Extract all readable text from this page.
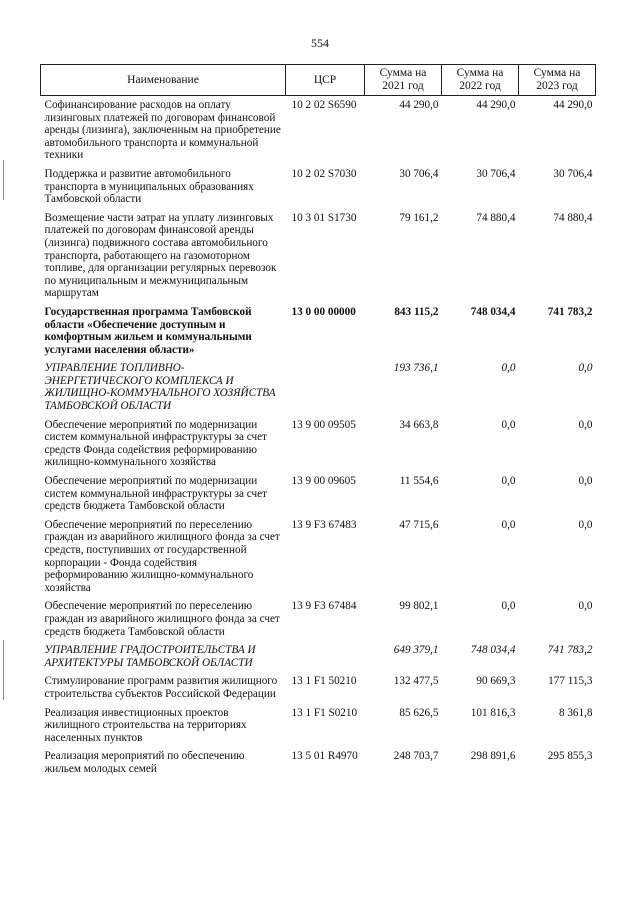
554
Наименование	ЦСР	Сумма на 2021 год	Сумма на 2022 год	Сумма на 2023 год
Софинансирование расходов на оплату лизинговых платежей по договорам финансовой аренды (лизинга), заключенным на приобретение автомобильного транспорта и коммунальной техники	10 2 02 S6590	44 290,0	44 290,0	44 290,0
Поддержка и развитие автомобильного транспорта в муниципальных образованиях Тамбовской области	10 2 02 S7030	30 706,4	30 706,4	30 706,4
Возмещение части затрат на уплату лизинговых платежей по договорам финансовой аренды (лизинга) подвижного состава автомобильного транспорта, работающего на газомоторном топливе, для организации регулярных перевозок по муниципальным и межмуниципальным маршрутам	10 3 01 S1730	79 161,2	74 880,4	74 880,4
Государственная программа Тамбовской области «Обеспечение доступным и комфортным жильем и коммунальными услугами населения области»	13 0 00 00000	843 115,2	748 034,4	741 783,2
УПРАВЛЕНИЕ ТОПЛИВНО-ЭНЕРГЕТИЧЕСКОГО КОМПЛЕКСА И ЖИЛИЩНО-КОММУНАЛЬНОГО ХОЗЯЙСТВА ТАМБОВСКОЙ ОБЛАСТИ		193 736,1	0,0	0,0
Обеспечение мероприятий по модернизации систем коммунальной инфраструктуры за счет средств Фонда содействия реформированию жилищно-коммунального хозяйства	13 9 00 09505	34 663,8	0,0	0,0
Обеспечение мероприятий по модернизации систем коммунальной инфраструктуры за счет средств бюджета Тамбовской области	13 9 00 09605	11 554,6	0,0	0,0
Обеспечение мероприятий по переселению граждан из аварийного жилищного фонда за счет средств, поступивших от государственной корпорации - Фонда содействия реформированию жилищно-коммунального хозяйства	13 9 F3 67483	47 715,6	0,0	0,0
Обеспечение мероприятий по переселению граждан из аварийного жилищного фонда за счет средств бюджета Тамбовской области	13 9 F3 67484	99 802,1	0,0	0,0
УПРАВЛЕНИЕ ГРАДОСТРОИТЕЛЬСТВА И АРХИТЕКТУРЫ ТАМБОВСКОЙ ОБЛАСТИ		649 379,1	748 034,4	741 783,2
Стимулирование программ развития жилищного строительства субъектов Российской Федерации	13 1 F1 50210	132 477,5	90 669,3	177 115,3
Реализация инвестиционных проектов жилищного строительства на территориях населенных пунктов	13 1 F1 S0210	85 626,5	101 816,3	8 361,8
Реализация мероприятий по обеспечению жильем молодых семей	13 5 01 R4970	248 703,7	298 891,6	295 855,3
